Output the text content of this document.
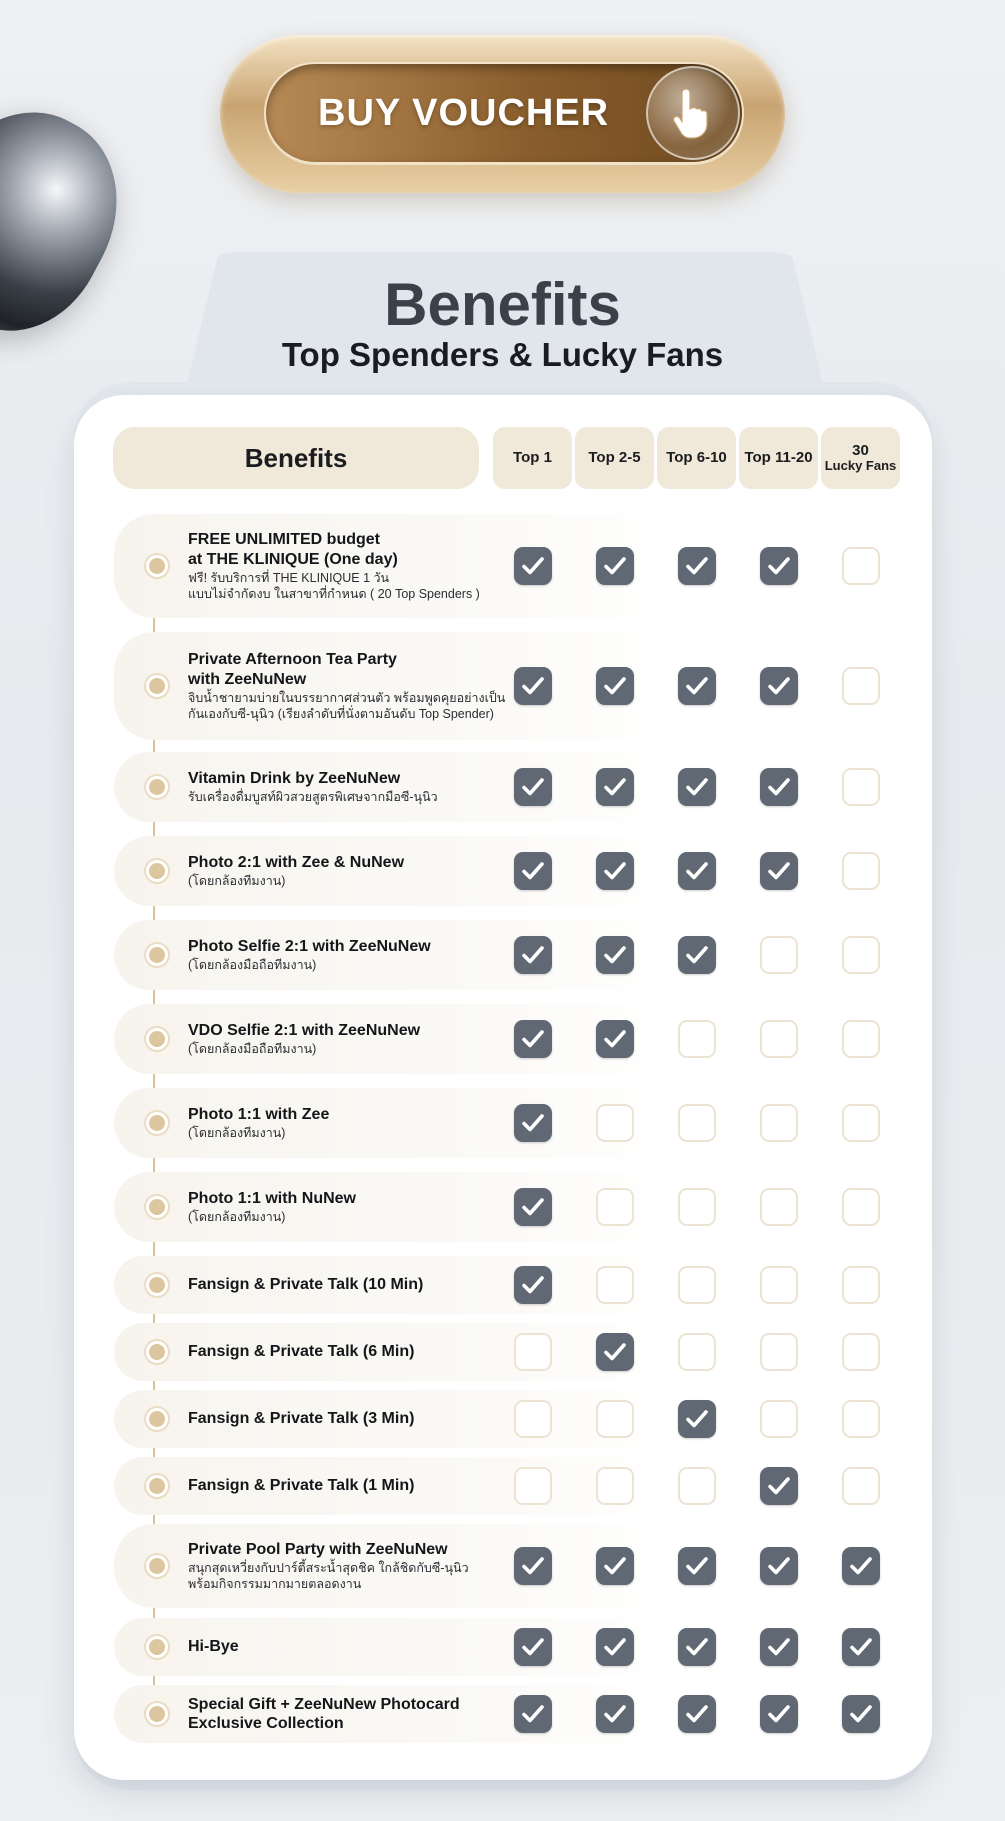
BUY VOUCHER
Benefits
Top Spenders & Lucky Fans
Benefits	Top 1 Top 2-5 Top 6-10 Top 11-20	30
Lucky Fans
FREE UNLIMITED budget
at THE KLINIQUE (One day)
ฟรี! รับบริการที่ THE KLINIQUE 1 วัน
แบบไม่จำกัดงบ ในสาขาที่กำหนด ( 20 Top Spenders )
Private Afternoon Tea Party
with ZeeNuNew
จิบน้ำชายามบ่ายในบรรยากาศส่วนตัว พร้อมพูดคุยอย่างเป็น
กันเองกับซี-นุนิว (เรียงลำดับที่นั่งตามอันดับ Top Spender)
Vitamin Drink by ZeeNuNew
รับเครื่องดื่มบูสท์ผิวสวยสูตรพิเศษจากมือซี-นุนิว
Photo 2:1 with Zee & NuNew
(โดยกล้องทีมงาน)
Photo Selfie 2:1 with ZeeNuNew
(โดยกล้องมือถือทีมงาน)
VDO Selfie 2:1 with ZeeNuNew
(โดยกล้องมือถือทีมงาน)
Photo 1:1 with Zee
(โดยกล้องทีมงาน)
Photo 1:1 with NuNew
(โดยกล้องทีมงาน)
Fansign & Private Talk (10 Min)
Fansign & Private Talk (6 Min)
Fansign & Private Talk (3 Min)
Fansign & Private Talk (1 Min)
Private Pool Party with ZeeNuNew
สนุกสุดเหวี่ยงกับปาร์ตี้สระน้ำสุดชิค ใกล้ชิดกับซี-นุนิว
พร้อมกิจกรรมมากมายตลอดงาน
Hi-Bye
Special Gift + ZeeNuNew Photocard
Exclusive Collection
